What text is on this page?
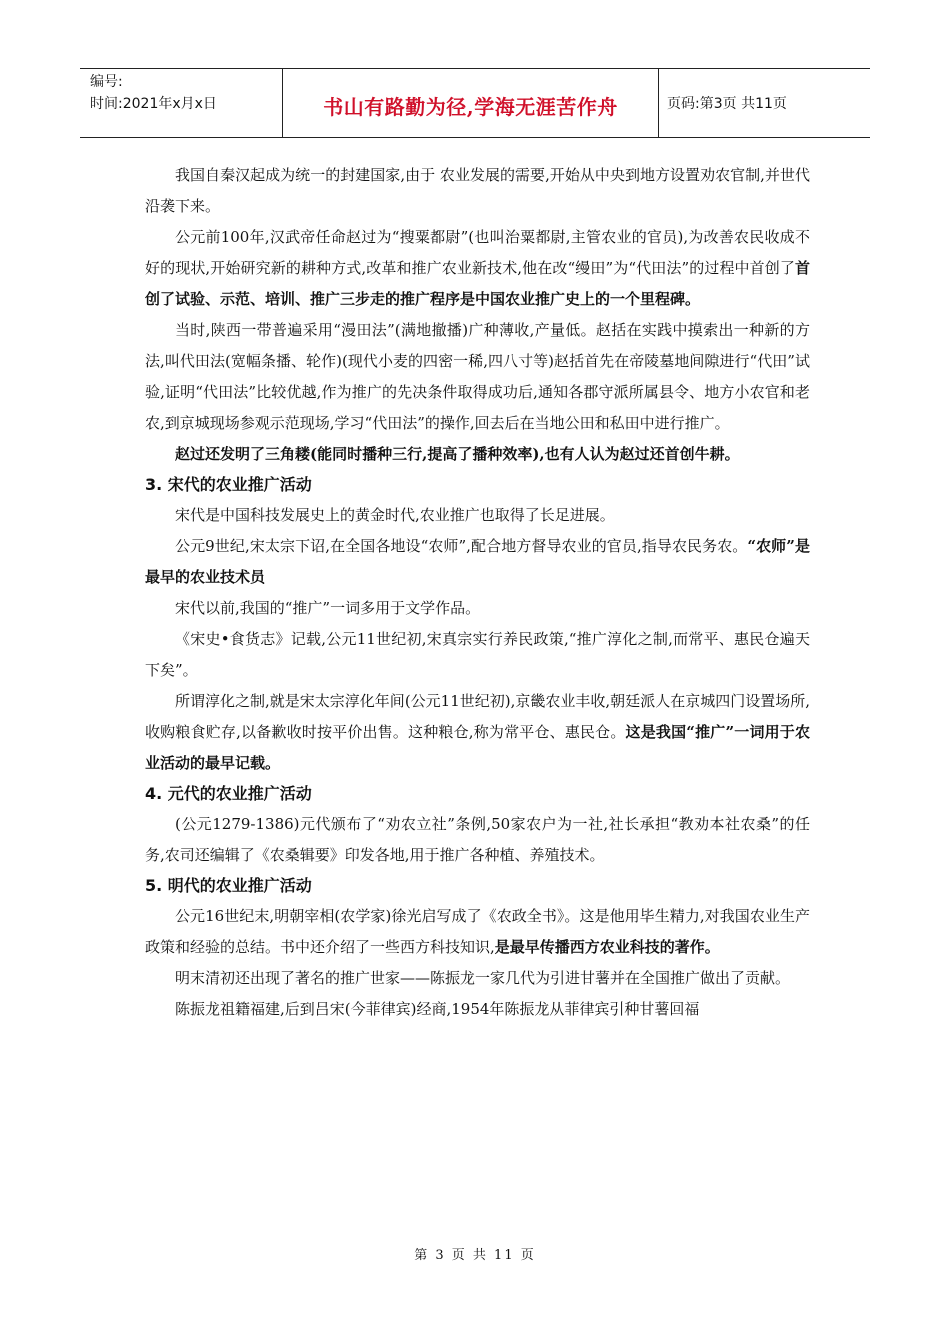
编号:
时间:2021年x月x日	书山有路勤为径,学海无涯苦作舟	页码:第3页 共11页

我国自秦汉起成为统一的封建国家,由于 农业发展的需要,开始从中央到地方设置劝农官制,并世代沿袭下来。

公元前100年,汉武帝任命赵过为“搜粟都尉”(也叫治粟都尉,主管农业的官员),为改善农民收成不好的现状,开始研究新的耕种方式,改革和推广农业新技术,他在改“缦田”为“代田法”的过程中首创了首创了试验、示范、培训、推广三步走的推广程序是中国农业推广史上的一个里程碑。

当时,陕西一带普遍采用“漫田法”(满地撤播)广种薄收,产量低。赵括在实践中摸索出一种新的方法,叫代田法(宽幅条播、轮作)(现代小麦的四密一稀,四八寸等)赵括首先在帝陵墓地间隙进行“代田”试验,证明“代田法”比较优越,作为推广的先决条件取得成功后,通知各郡守派所属县令、地方小农官和老农,到京城现场参观示范现场,学习“代田法”的操作,回去后在当地公田和私田中进行推广。

赵过还发明了三角耧(能同时播种三行,提高了播种效率),也有人认为赵过还首创牛耕。

3. 宋代的农业推广活动

宋代是中国科技发展史上的黄金时代,农业推广也取得了长足进展。

公元9世纪,宋太宗下诏,在全国各地设“农师”,配合地方督导农业的官员,指导农民务农。“农师”是最早的农业技术员

宋代以前,我国的“推广”一词多用于文学作品。

《宋史•食货志》记载,公元11世纪初,宋真宗实行养民政策,“推广淳化之制,而常平、惠民仓遍天下矣”。

所谓淳化之制,就是宋太宗淳化年间(公元11世纪初),京畿农业丰收,朝廷派人在京城四门设置场所,收购粮食贮存,以备歉收时按平价出售。这种粮仓,称为常平仓、惠民仓。这是我国“推广”一词用于农业活动的最早记载。

4. 元代的农业推广活动

(公元1279-1386)元代颁布了“劝农立社”条例,50家农户为一社,社长承担“教劝本社农桑”的任务,农司还编辑了《农桑辑要》印发各地,用于推广各种植、养殖技术。

5. 明代的农业推广活动

公元16世纪末,明朝宰相(农学家)徐光启写成了《农政全书》。这是他用毕生精力,对我国农业生产政策和经验的总结。书中还介绍了一些西方科技知识,是最早传播西方农业科技的著作。

明末清初还出现了著名的推广世家——陈振龙一家几代为引进甘薯并在全国推广做出了贡献。

陈振龙祖籍福建,后到吕宋(今菲律宾)经商,1954年陈振龙从菲律宾引种甘薯回福

第 3 页 共 11 页
